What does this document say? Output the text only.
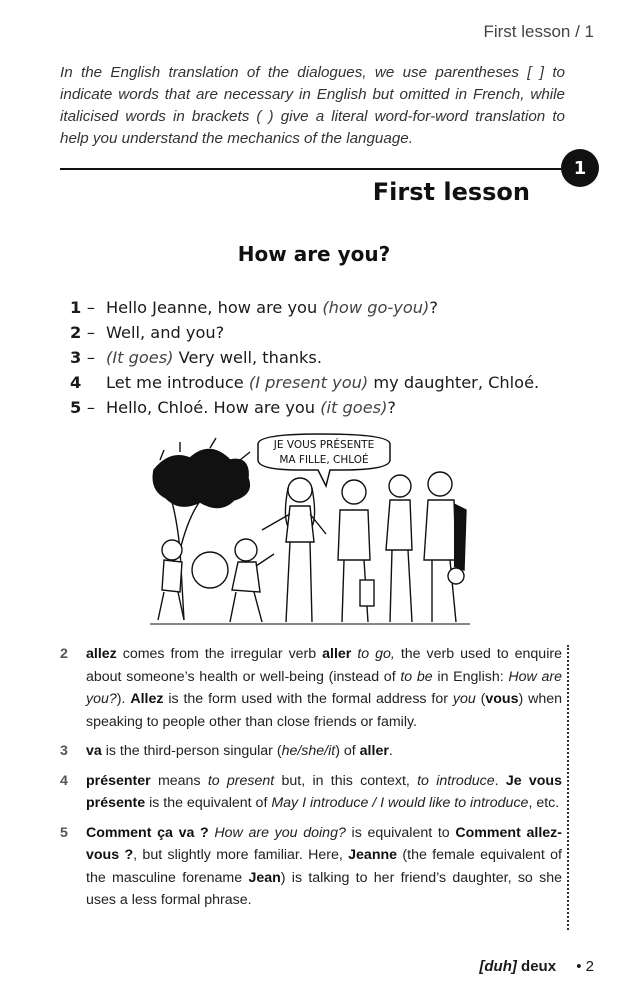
First lesson / 1
In the English translation of the dialogues, we use parentheses [ ] to indicate words that are necessary in English but omitted in French, while italicised words in brackets ( ) give a literal word-for-word translation to help you understand the mechanics of the language.
1
First lesson
How are you?
1 – Hello Jeanne, how are you (how go-you)?
2 – Well, and you?
3 – (It goes) Very well, thanks.
4	Let me introduce (I present you) my daughter, Chloé.
5 – Hello, Chloé. How are you (it goes)?
JE VOUS PRÉSENTE
MA FILLE, CHLOÉ
2 allez comes from the irregular verb aller to go, the verb used to enquire about someone’s health or well-being (instead of to be in English: How are you?). Allez is the form used with the formal address for you (vous) when speaking to people other than close friends or family.
3 va is the third-person singular (he/she/it) of aller.
4 présenter means to present but, in this context, to introduce. Je vous présente is the equivalent of May I introduce / I would like to introduce, etc.
5 Comment ça va ? How are you doing? is equivalent to Comment allez-vous ?, but slightly more familiar. Here, Jeanne (the female equivalent of the masculine forename Jean) is talking to her friend’s daughter, so she uses a less formal phrase.
[duh] deux • 2
